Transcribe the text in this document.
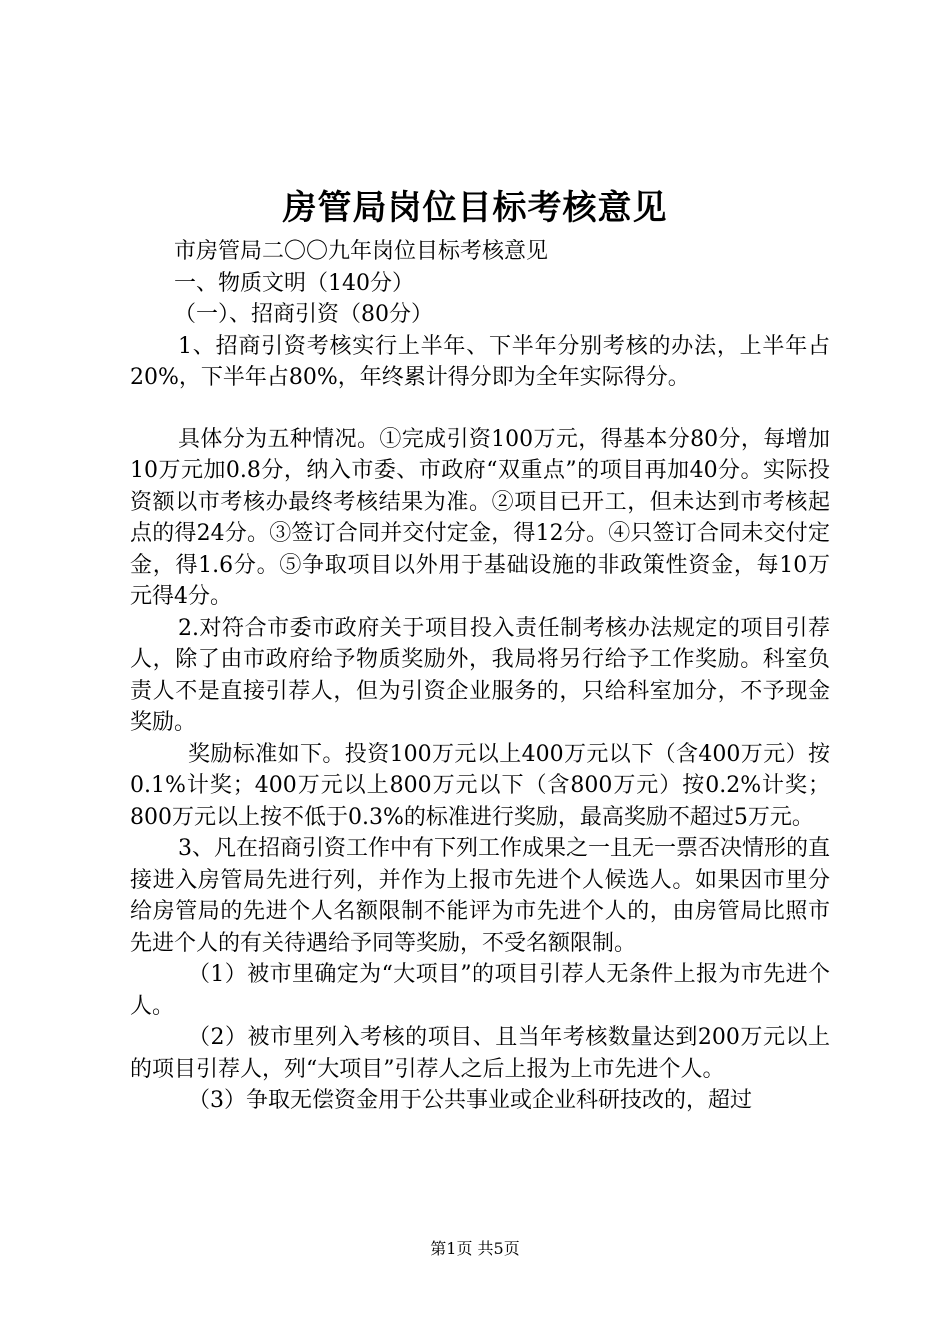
房管局岗位目标考核意见

市房管局二〇〇九年岗位目标考核意见

一、物质文明（140分）

（一）、招商引资（80分）

1、招商引资考核实行上半年、下半年分别考核的办法，上半年占20%，下半年占80%，年终累计得分即为全年实际得分。

具体分为五种情况。①完成引资100万元，得基本分80分，每增加10万元加0.8分，纳入市委、市政府“双重点”的项目再加40分。实际投资额以市考核办最终考核结果为准。②项目已开工，但未达到市考核起点的得24分。③签订合同并交付定金，得12分。④只签订合同未交付定金，得1.6分。⑤争取项目以外用于基础设施的非政策性资金，每10万元得4分。

2.对符合市委市政府关于项目投入责任制考核办法规定的项目引荐人，除了由市政府给予物质奖励外，我局将另行给予工作奖励。科室负责人不是直接引荐人，但为引资企业服务的，只给科室加分，不予现金奖励。

奖励标准如下。投资100万元以上400万元以下（含400万元）按0.1%计奖；400万元以上800万元以下（含800万元）按0.2%计奖；800万元以上按不低于0.3%的标准进行奖励，最高奖励不超过5万元。

3、凡在招商引资工作中有下列工作成果之一且无一票否决情形的直接进入房管局先进行列，并作为上报市先进个人候选人。如果因市里分给房管局的先进个人名额限制不能评为市先进个人的，由房管局比照市先进个人的有关待遇给予同等奖励，不受名额限制。

（1）被市里确定为“大项目”的项目引荐人无条件上报为市先进个人。

（2）被市里列入考核的项目、且当年考核数量达到200万元以上的项目引荐人，列“大项目”引荐人之后上报为上市先进个人。

（3）争取无偿资金用于公共事业或企业科研技改的，超过

第1页 共5页
